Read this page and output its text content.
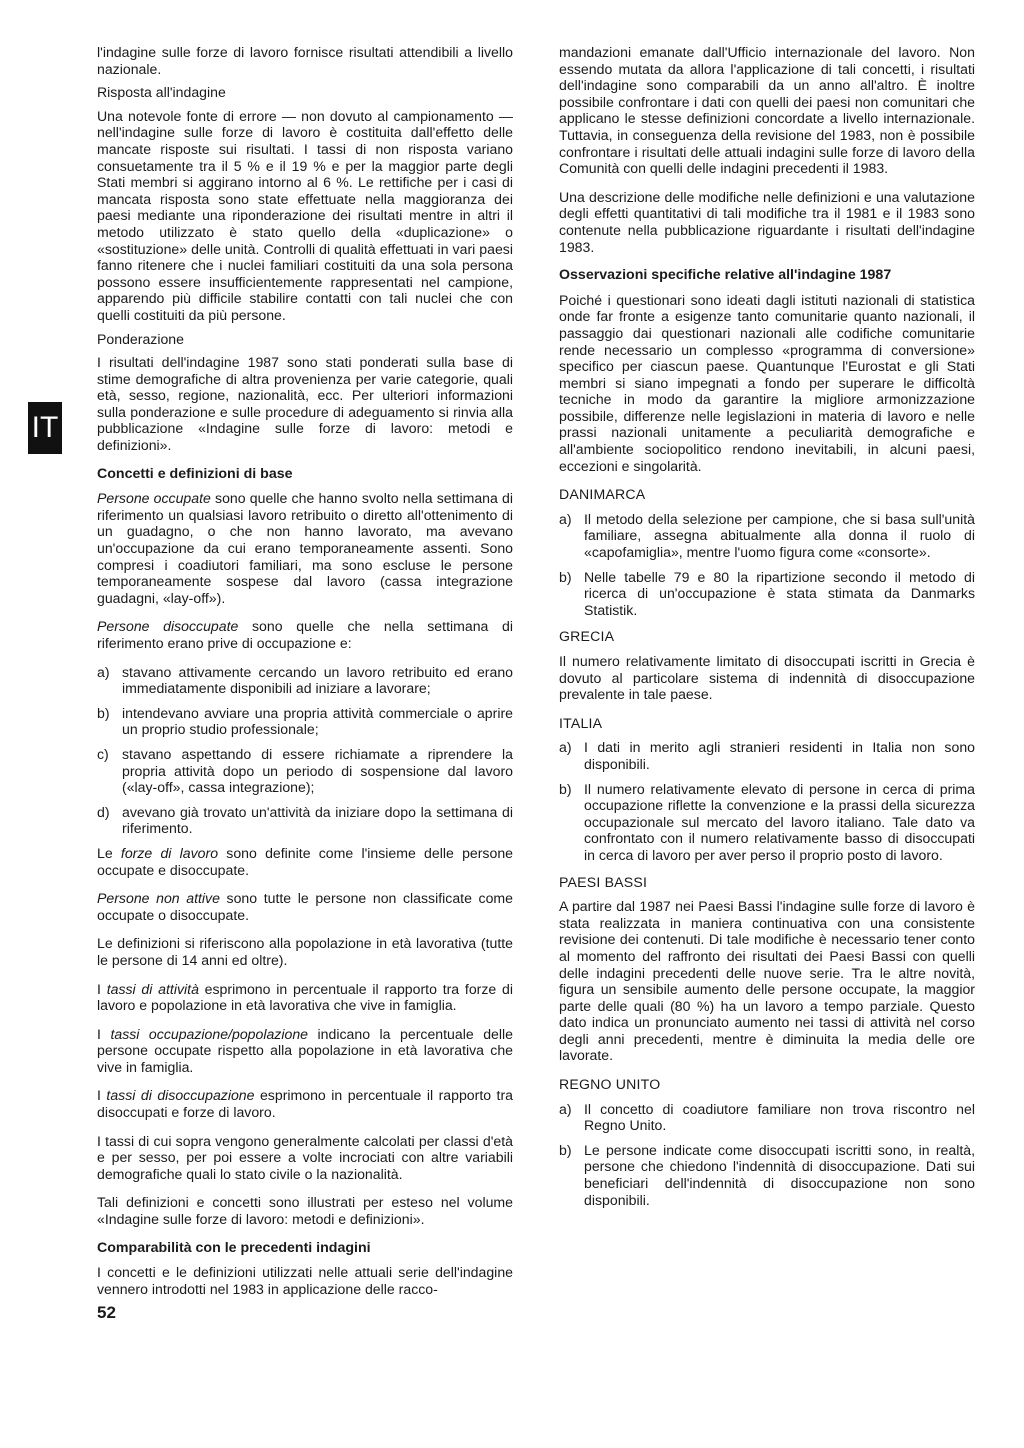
IT

l'indagine sulle forze di lavoro fornisce risultati attendibili a livello nazionale.

Risposta all'indagine

Una notevole fonte di errore — non dovuto al campionamento — nell'indagine sulle forze di lavoro è costituita dall'effetto delle mancate risposte sui risultati. I tassi di non risposta variano consuetamente tra il 5 % e il 19 % e per la maggior parte degli Stati membri si aggirano intorno al 6 %. Le rettifiche per i casi di mancata risposta sono state effettuate nella maggioranza dei paesi mediante una riponderazione dei risultati mentre in altri il metodo utilizzato è stato quello della «duplicazione» o «sostituzione» delle unità. Controlli di qualità effettuati in vari paesi fanno ritenere che i nuclei familiari costituiti da una sola persona possono essere insufficientemente rappresentati nel campione, apparendo più difficile stabilire contatti con tali nuclei che con quelli costituiti da più persone.

Ponderazione

I risultati dell'indagine 1987 sono stati ponderati sulla base di stime demografiche di altra provenienza per varie categorie, quali età, sesso, regione, nazionalità, ecc. Per ulteriori informazioni sulla ponderazione e sulle procedure di adeguamento si rinvia alla pubblicazione «Indagine sulle forze di lavoro: metodi e definizioni».

Concetti e definizioni di base

Persone occupate sono quelle che hanno svolto nella settimana di riferimento un qualsiasi lavoro retribuito o diretto all'ottenimento di un guadagno, o che non hanno lavorato, ma avevano un'occupazione da cui erano temporaneamente assenti. Sono compresi i coadiutori familiari, ma sono escluse le persone temporaneamente sospese dal lavoro (cassa integrazione guadagni, «lay-off»).

Persone disoccupate sono quelle che nella settimana di riferimento erano prive di occupazione e:

a) stavano attivamente cercando un lavoro retribuito ed erano immediatamente disponibili ad iniziare a lavorare;
b) intendevano avviare una propria attività commerciale o aprire un proprio studio professionale;
c) stavano aspettando di essere richiamate a riprendere la propria attività dopo un periodo di sospensione dal lavoro («lay-off», cassa integrazione);
d) avevano già trovato un'attività da iniziare dopo la settimana di riferimento.

Le forze di lavoro sono definite come l'insieme delle persone occupate e disoccupate.

Persone non attive sono tutte le persone non classificate come occupate o disoccupate.

Le definizioni si riferiscono alla popolazione in età lavorativa (tutte le persone di 14 anni ed oltre).

I tassi di attività esprimono in percentuale il rapporto tra forze di lavoro e popolazione in età lavorativa che vive in famiglia.

I tassi occupazione/popolazione indicano la percentuale delle persone occupate rispetto alla popolazione in età lavorativa che vive in famiglia.

I tassi di disoccupazione esprimono in percentuale il rapporto tra disoccupati e forze di lavoro.

I tassi di cui sopra vengono generalmente calcolati per classi d'età e per sesso, per poi essere a volte incrociati con altre variabili demografiche quali lo stato civile o la nazionalità.

Tali definizioni e concetti sono illustrati per esteso nel volume «Indagine sulle forze di lavoro: metodi e definizioni».

Comparabilità con le precedenti indagini

I concetti e le definizioni utilizzati nelle attuali serie dell'indagine vennero introdotti nel 1983 in applicazione delle racco-

mandazioni emanate dall'Ufficio internazionale del lavoro. Non essendo mutata da allora l'applicazione di tali concetti, i risultati dell'indagine sono comparabili da un anno all'altro. È inoltre possibile confrontare i dati con quelli dei paesi non comunitari che applicano le stesse definizioni concordate a livello internazionale. Tuttavia, in conseguenza della revisione del 1983, non è possibile confrontare i risultati delle attuali indagini sulle forze di lavoro della Comunità con quelli delle indagini precedenti il 1983.

Una descrizione delle modifiche nelle definizioni e una valutazione degli effetti quantitativi di tali modifiche tra il 1981 e il 1983 sono contenute nella pubblicazione riguardante i risultati dell'indagine 1983.

Osservazioni specifiche relative all'indagine 1987

Poiché i questionari sono ideati dagli istituti nazionali di statistica onde far fronte a esigenze tanto comunitarie quanto nazionali, il passaggio dai questionari nazionali alle codifiche comunitarie rende necessario un complesso «programma di conversione» specifico per ciascun paese. Quantunque l'Eurostat e gli Stati membri si siano impegnati a fondo per superare le difficoltà tecniche in modo da garantire la migliore armonizzazione possibile, differenze nelle legislazioni in materia di lavoro e nelle prassi nazionali unitamente a peculiarità demografiche e all'ambiente sociopolitico rendono inevitabili, in alcuni paesi, eccezioni e singolarità.

DANIMARCA
a) Il metodo della selezione per campione, che si basa sull'unità familiare, assegna abitualmente alla donna il ruolo di «capofamiglia», mentre l'uomo figura come «consorte».
b) Nelle tabelle 79 e 80 la ripartizione secondo il metodo di ricerca di un'occupazione è stata stimata da Danmarks Statistik.
GRECIA

Il numero relativamente limitato di disoccupati iscritti in Grecia è dovuto al particolare sistema di indennità di disoccupazione prevalente in tale paese.

ITALIA
a) I dati in merito agli stranieri residenti in Italia non sono disponibili.
b) Il numero relativamente elevato di persone in cerca di prima occupazione riflette la convenzione e la prassi della sicurezza occupazionale sul mercato del lavoro italiano. Tale dato va confrontato con il numero relativamente basso di disoccupati in cerca di lavoro per aver perso il proprio posto di lavoro.
PAESI BASSI

A partire dal 1987 nei Paesi Bassi l'indagine sulle forze di lavoro è stata realizzata in maniera continuativa con una consistente revisione dei contenuti. Di tale modifiche è necessario tener conto al momento del raffronto dei risultati dei Paesi Bassi con quelli delle indagini precedenti delle nuove serie. Tra le altre novità, figura un sensibile aumento delle persone occupate, la maggior parte delle quali (80 %) ha un lavoro a tempo parziale. Questo dato indica un pronunciato aumento nei tassi di attività nel corso degli anni precedenti, mentre è diminuita la media delle ore lavorate.

REGNO UNITO
a) Il concetto di coadiutore familiare non trova riscontro nel Regno Unito.
b) Le persone indicate come disoccupati iscritti sono, in realtà, persone che chiedono l'indennità di disoccupazione. Dati sui beneficiari dell'indennità di disoccupazione non sono disponibili.
52
